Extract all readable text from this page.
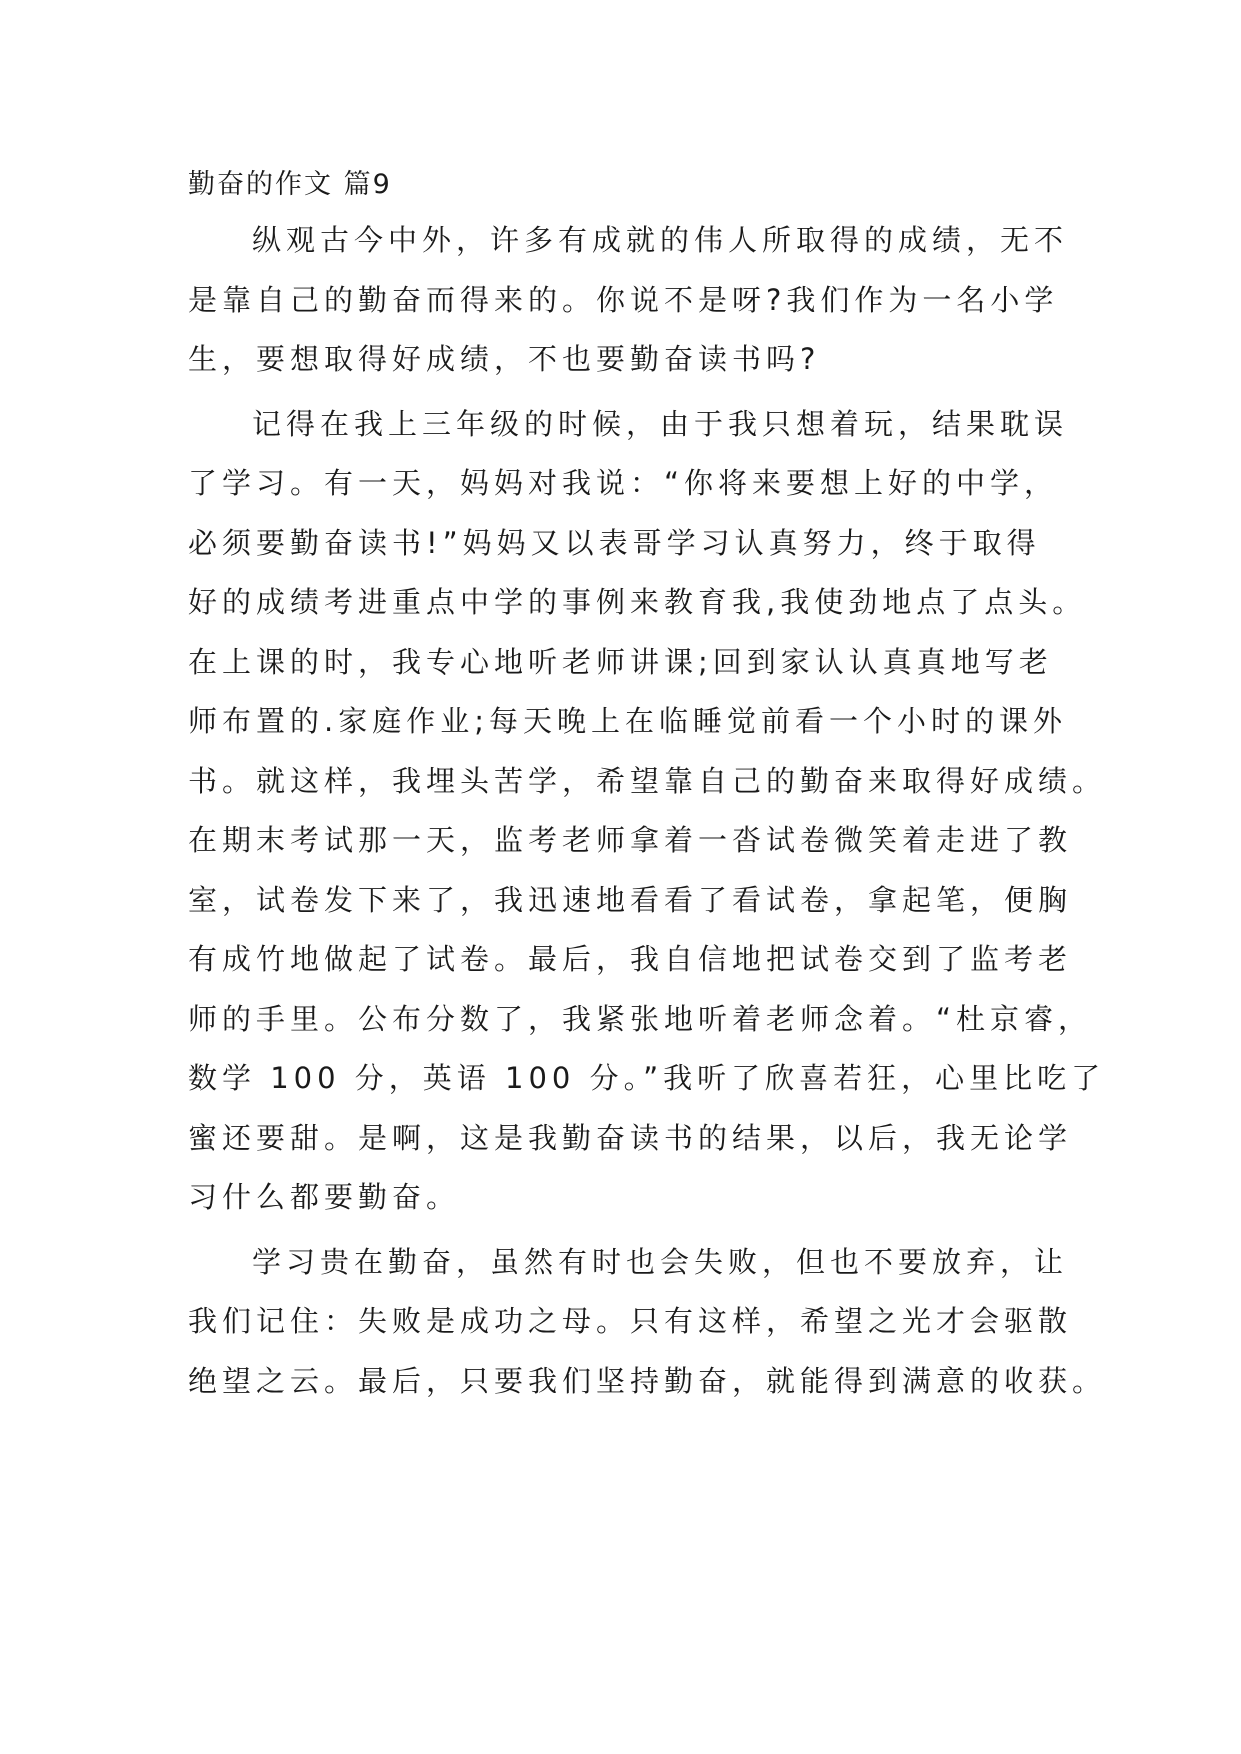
勤奋的作文 篇9

纵观古今中外，许多有成就的伟人所取得的成绩，无不
是靠自己的勤奋而得来的。你说不是呀?我们作为一名小学
生，要想取得好成绩，不也要勤奋读书吗?

记得在我上三年级的时候，由于我只想着玩，结果耽误
了学习。有一天，妈妈对我说：“你将来要想上好的中学，
必须要勤奋读书!”妈妈又以表哥学习认真努力，终于取得
好的成绩考进重点中学的事例来教育我,我使劲地点了点头。
在上课的时，我专心地听老师讲课;回到家认认真真地写老
师布置的.家庭作业;每天晚上在临睡觉前看一个小时的课外
书。就这样，我埋头苦学，希望靠自己的勤奋来取得好成绩。
在期末考试那一天，监考老师拿着一沓试卷微笑着走进了教
室，试卷发下来了，我迅速地看看了看试卷，拿起笔，便胸
有成竹地做起了试卷。最后，我自信地把试卷交到了监考老
师的手里。公布分数了，我紧张地听着老师念着。“杜京睿，
数学 100 分，英语 100 分。”我听了欣喜若狂，心里比吃了
蜜还要甜。是啊，这是我勤奋读书的结果，以后，我无论学
习什么都要勤奋。

学习贵在勤奋，虽然有时也会失败，但也不要放弃，让
我们记住：失败是成功之母。只有这样，希望之光才会驱散
绝望之云。最后，只要我们坚持勤奋，就能得到满意的收获。
